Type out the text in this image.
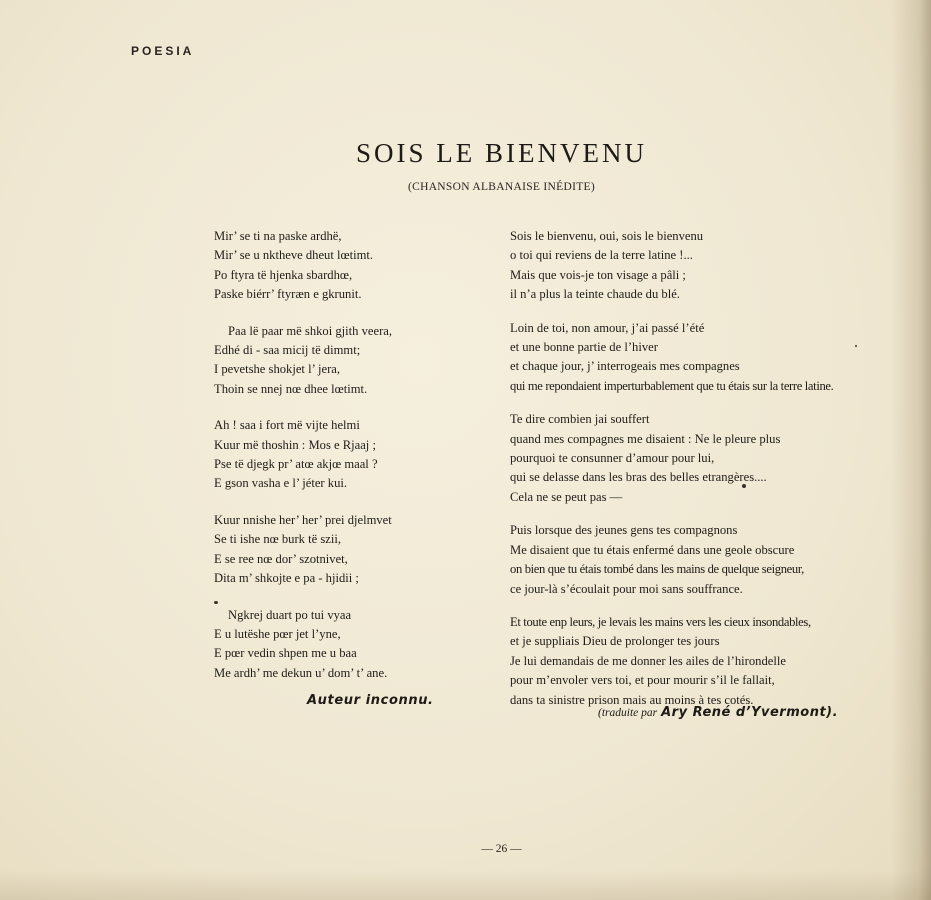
POESIA
SOIS LE BIENVENU
(CHANSON ALBANAISE INÉDITE)
Mir’ se ti na paske ardhë,
Mir’ se u nktheve dheut lœtimt.
Po ftyra të hjenka sbardhœ,
Paske biérr’ ftyræn e gkrunit.
Paa lë paar më shkoi gjith veera,
Edhé di - saa micij të dimmt;
I pevetshe shokjet l’ jera,
Thoin se nnej nœ dhee lœtimt.
Ah ! saa i fort më vijte helmi
Kuur më thoshin : Mos e Rjaaj ;
Pse të djegk pr’ atœ akjœ maal ?
E gson vasha e l’ jéter kui.
Kuur nnishe her’ her’ prei djelmvet
Se ti ishe nœ burk të szii,
E se ree nœ dor’ szotnivet,
Dita m’ shkojte e pa - hjidii ;
Ngkrej duart po tui vyaa
E u lutëshe pœr jet l’yne,
E pœr vedin shpen me u baa
Me ardh’ me dekun u’ dom’ t’ ane.
Auteur inconnu.
Sois le bienvenu, oui, sois le bienvenu
o toi qui reviens de la terre latine !...
Mais que vois-je ton visage a pâli ;
il n’a plus la teinte chaude du blé.
Loin de toi, non amour, j’ai passé l’été
et une bonne partie de l’hiver
et chaque jour, j’ interrogeais mes compagnes
qui me repondaient imperturbablement que tu étais sur la terre latine.
Te dire combien jai souffert
quand mes compagnes me disaient : Ne le pleure plus
pourquoi te consunner d’amour pour lui,
qui se delasse dans les bras des belles etrangères....
Cela ne se peut pas —
Puis lorsque des jeunes gens tes compagnons
Me disaient que tu étais enfermé dans une geole obscure
on bien que tu étais tombé dans les mains de quelque seigneur,
ce jour-là s’écoulait pour moi sans souffrance.
Et toute enp leurs, je levais les mains vers les cieux insondables,
et je suppliais Dieu de prolonger tes jours
Je lui demandais de me donner les ailes de l’hirondelle
pour m’envoler vers toi, et pour mourir s’il le fallait,
dans ta sinistre prison mais au moins à tes cotés.
(traduite par Ary René d’Yvermont).
— 26 —
